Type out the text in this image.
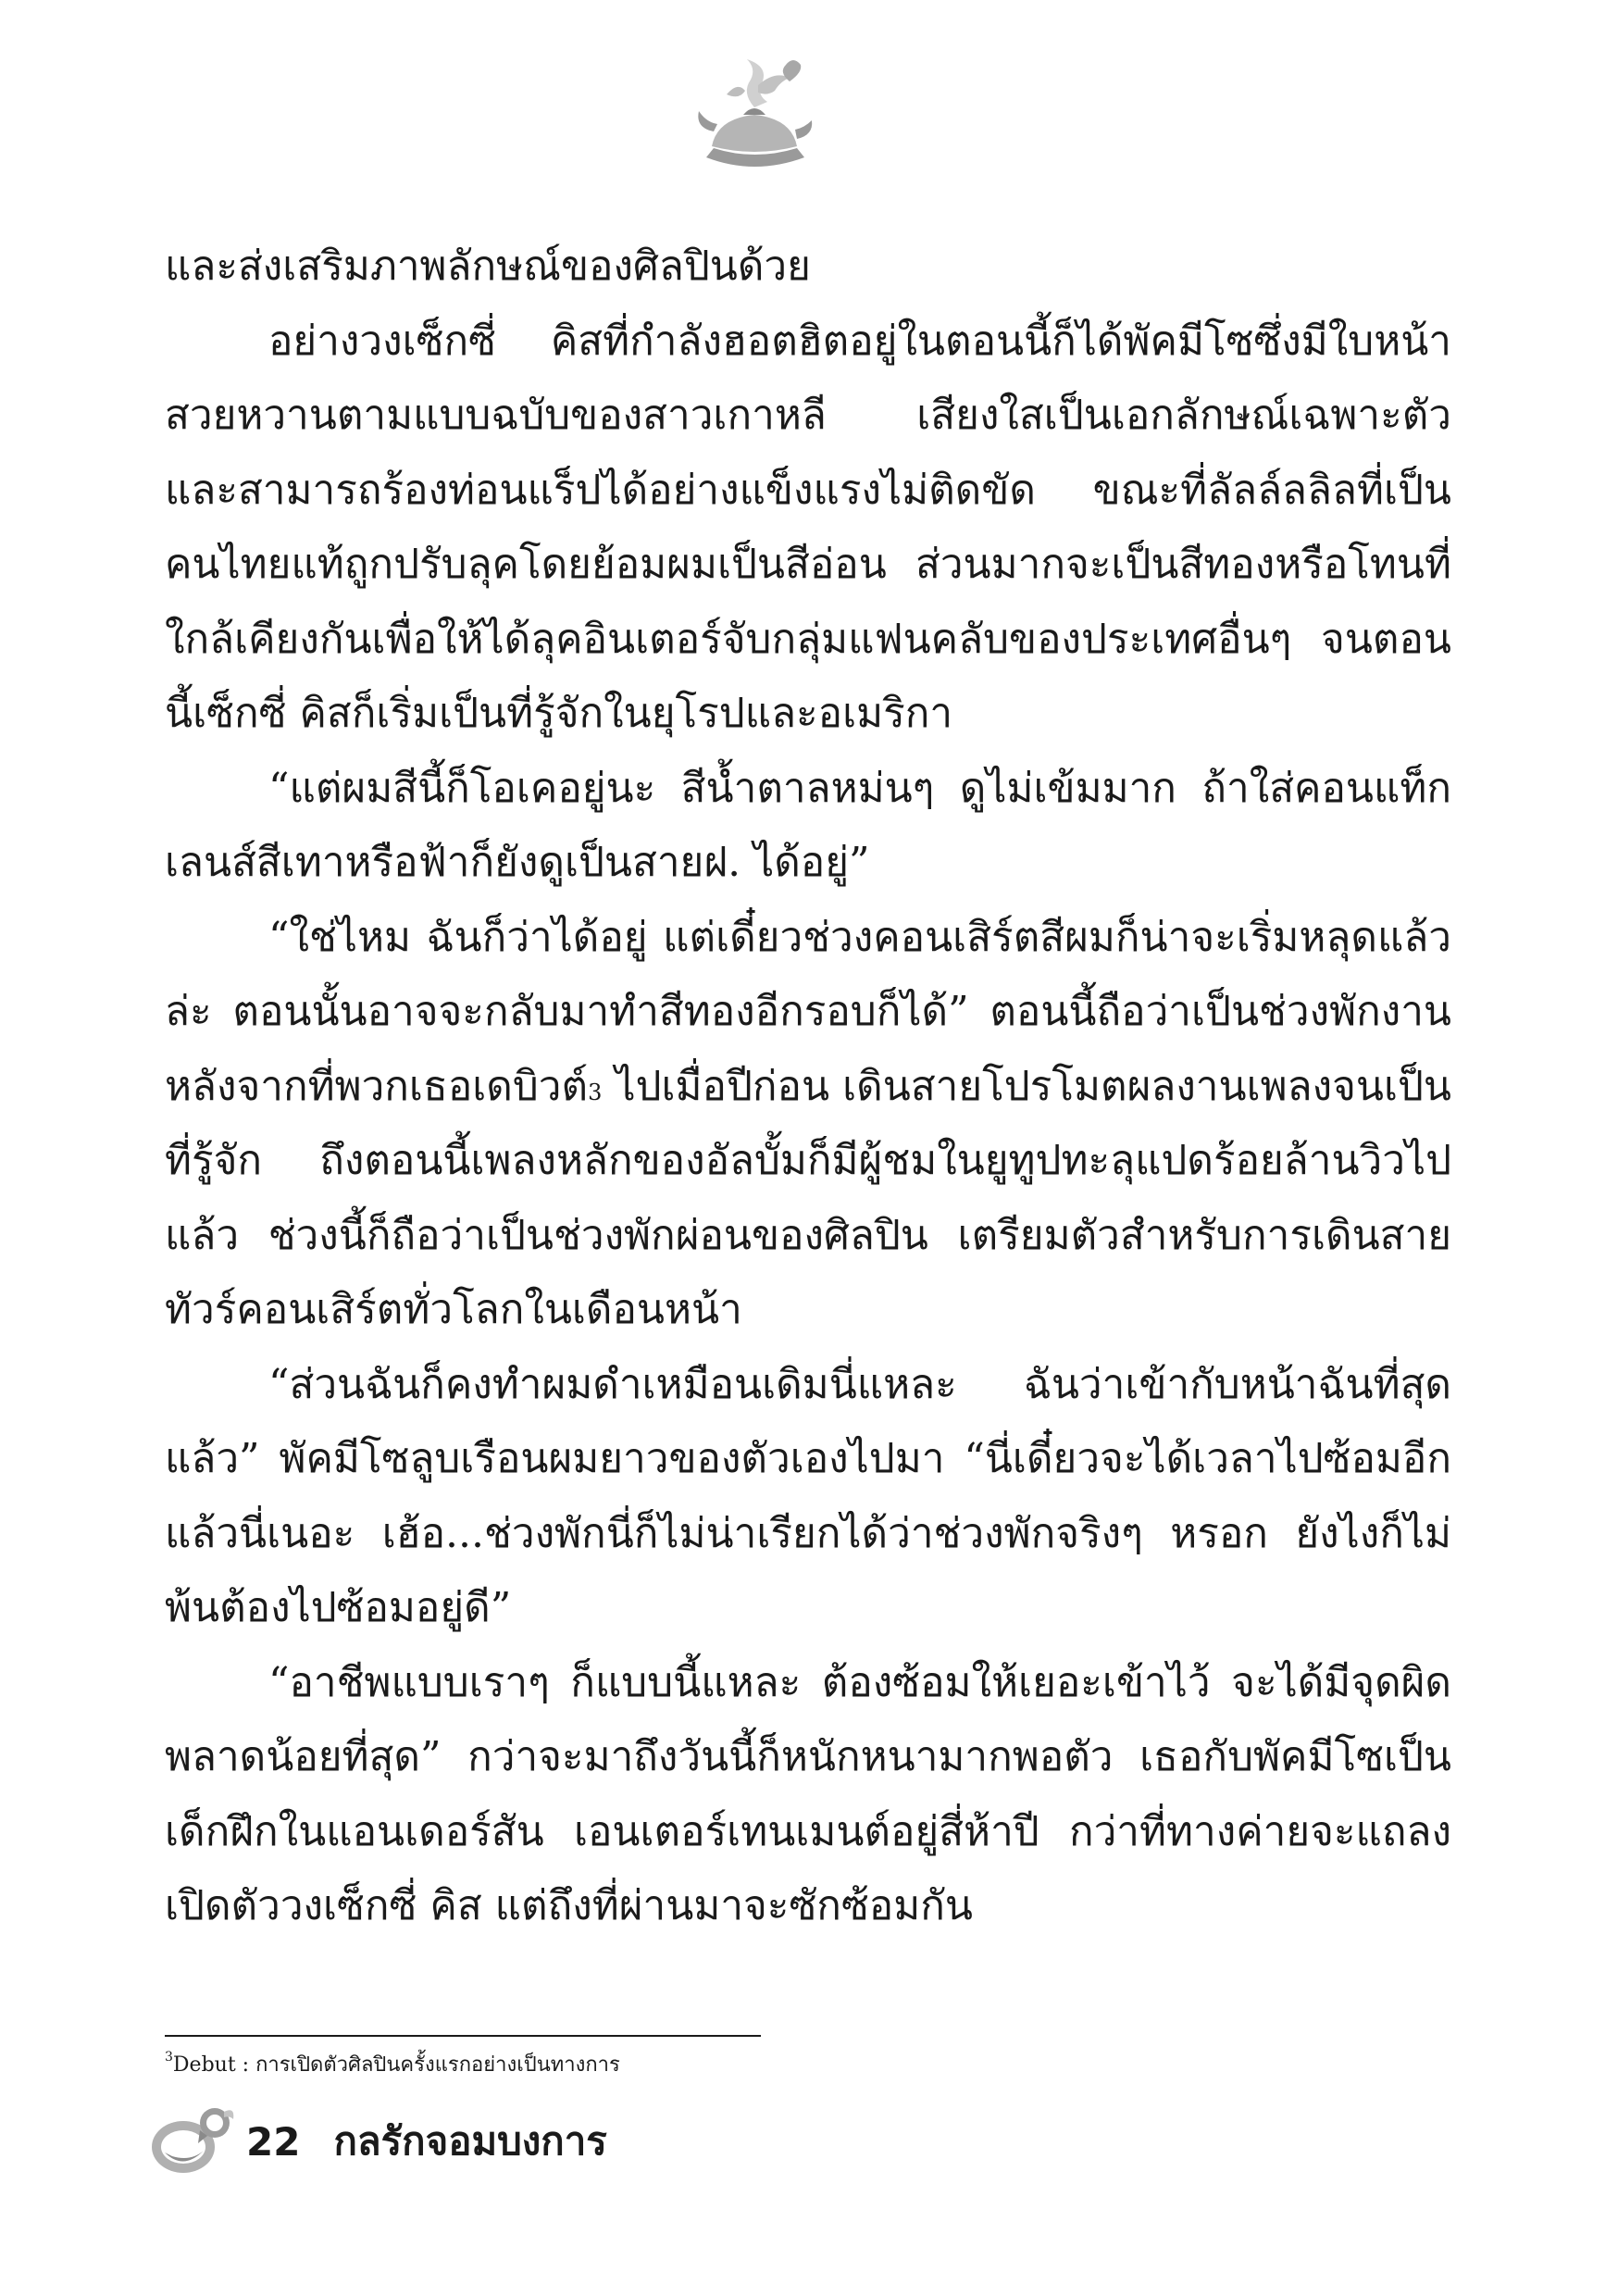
และส่งเสริมภาพลักษณ์ของศิลปินด้วย

อย่างวงเซ็กซี่ คิสที่กำลังฮอตฮิตอยู่ในตอนนี้ก็ได้พัคมีโซซึ่งมีใบหน้าสวยหวานตามแบบฉบับของสาวเกาหลี เสียงใสเป็นเอกลักษณ์เฉพาะตัว และสามารถร้องท่อนแร็ปได้อย่างแข็งแรงไม่ติดขัด ขณะที่ลัลล์ลลิลที่เป็นคนไทยแท้ถูกปรับลุคโดยย้อมผมเป็นสีอ่อน ส่วนมากจะเป็นสีทองหรือโทนที่ใกล้เคียงกันเพื่อให้ได้ลุคอินเตอร์จับกลุ่มแฟนคลับของประเทศอื่นๆ จนตอนนี้เซ็กซี่ คิสก็เริ่มเป็นที่รู้จักในยุโรปและอเมริกา

“แต่ผมสีนี้ก็โอเคอยู่นะ สีน้ำตาลหม่นๆ ดูไม่เข้มมาก ถ้าใส่คอนแท็กเลนส์สีเทาหรือฟ้าก็ยังดูเป็นสายฝ. ได้อยู่”

“ใช่ไหม ฉันก็ว่าได้อยู่ แต่เดี๋ยวช่วงคอนเสิร์ตสีผมก็น่าจะเริ่มหลุดแล้วล่ะ ตอนนั้นอาจจะกลับมาทำสีทองอีกรอบก็ได้” ตอนนี้ถือว่าเป็นช่วงพักงานหลังจากที่พวกเธอเดบิวต์$^3$ ไปเมื่อปีก่อน เดินสายโปรโมตผลงานเพลงจนเป็นที่รู้จัก ถึงตอนนี้เพลงหลักของอัลบั้มก็มีผู้ชมในยูทูปทะลุแปดร้อยล้านวิวไปแล้ว ช่วงนี้ก็ถือว่าเป็นช่วงพักผ่อนของศิลปิน เตรียมตัวสำหรับการเดินสายทัวร์คอนเสิร์ตทั่วโลกในเดือนหน้า

“ส่วนฉันก็คงทำผมดำเหมือนเดิมนี่แหละ ฉันว่าเข้ากับหน้าฉันที่สุดแล้ว” พัคมีโซลูบเรือนผมยาวของตัวเองไปมา “นี่เดี๋ยวจะได้เวลาไปซ้อมอีกแล้วนี่เนอะ เฮ้อ...ช่วงพักนี่ก็ไม่น่าเรียกได้ว่าช่วงพักจริงๆ หรอก ยังไงก็ไม่พ้นต้องไปซ้อมอยู่ดี”

“อาชีพแบบเราๆ ก็แบบนี้แหละ ต้องซ้อมให้เยอะเข้าไว้ จะได้มีจุดผิดพลาดน้อยที่สุด” กว่าจะมาถึงวันนี้ก็หนักหนามากพอตัว เธอกับพัคมีโซเป็นเด็กฝึกในแอนเดอร์สัน เอนเตอร์เทนเมนต์อยู่สี่ห้าปี กว่าที่ทางค่ายจะแถลงเปิดตัววงเซ็กซี่ คิส แต่ถึงที่ผ่านมาจะซักซ้อมกัน

$^3$Debut : การเปิดตัวศิลปินครั้งแรกอย่างเป็นทางการ
22 กลรักจอมบงการ
